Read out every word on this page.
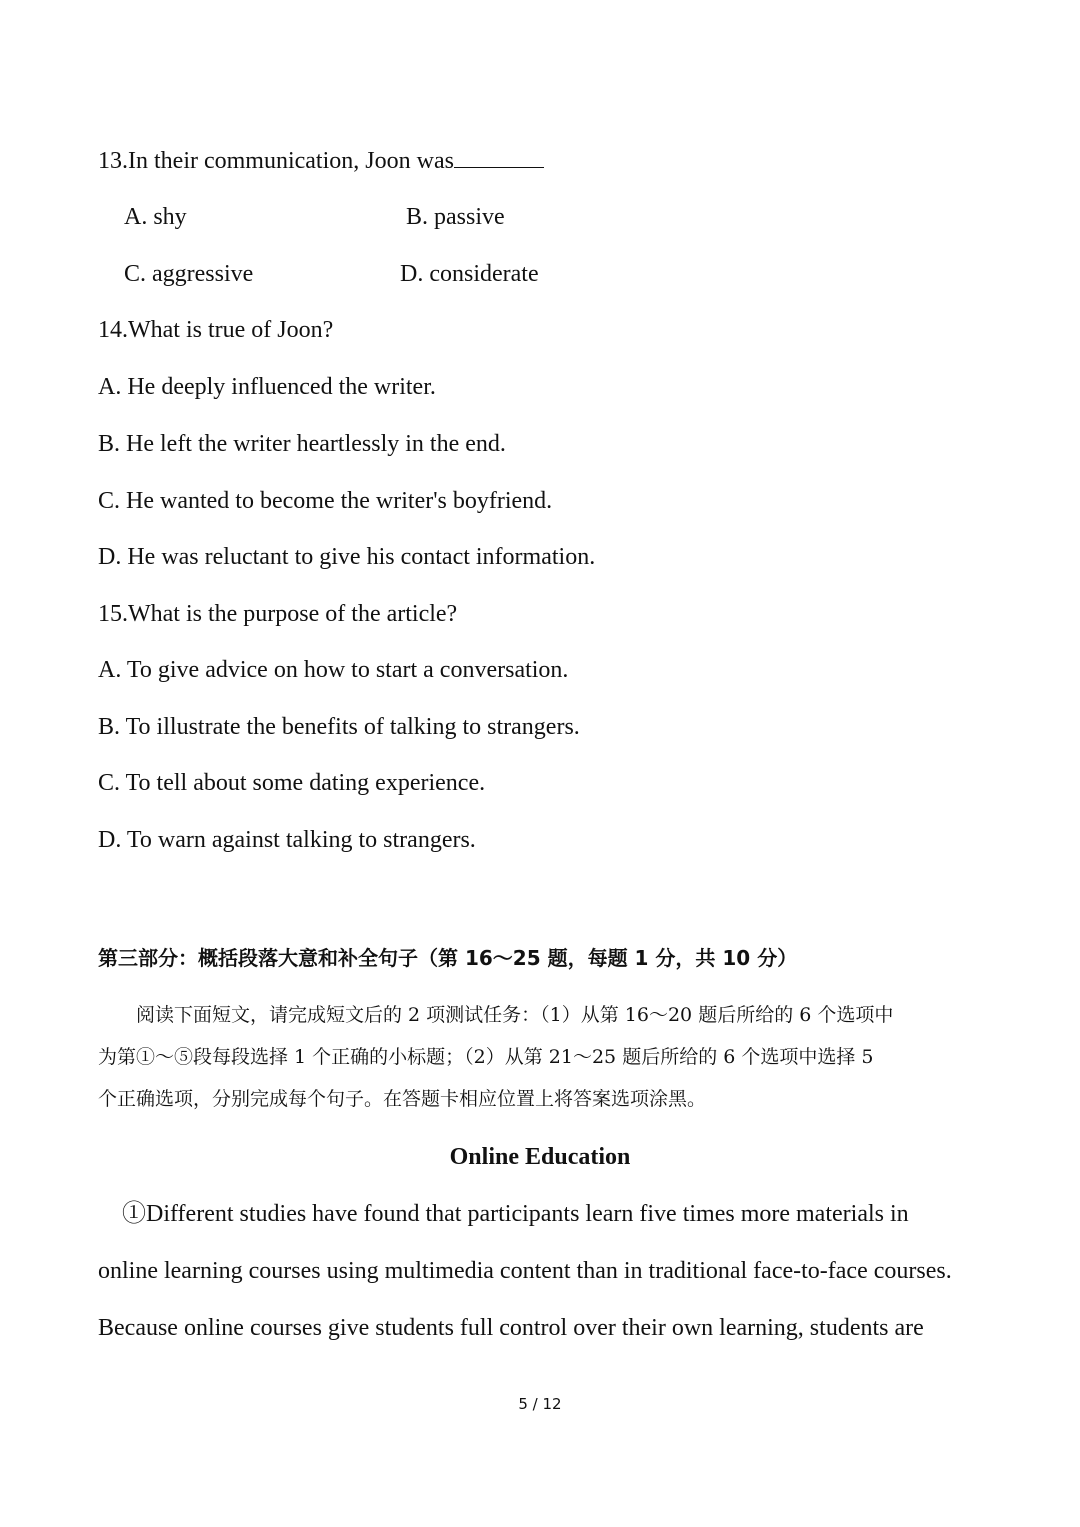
13.In their communication, Joon was
A. shy	B. passive
C. aggressive	D. considerate
14.What is true of Joon?
A. He deeply influenced the writer.
B. He left the writer heartlessly in the end.
C. He wanted to become the writer's boyfriend.
D. He was reluctant to give his contact information.
15.What is the purpose of the article?
A. To give advice on how to start a conversation.
B. To illustrate the benefits of talking to strangers.
C. To tell about some dating experience.
D. To warn against talking to strangers.
第三部分：概括段落大意和补全句子（第 16～25 题，每题 1 分，共 10 分）
　　阅读下面短文，请完成短文后的 2 项测试任务：（1）从第 16～20 题后所给的 6 个选项中
为第①～⑤段每段选择 1 个正确的小标题；（2）从第 21～25 题后所给的 6 个选项中选择 5
个正确选项，分别完成每个句子。在答题卡相应位置上将答案选项涂黑。
Online Education
　①Different studies have found that participants learn five times more materials in
online learning courses using multimedia content than in traditional face-to-face courses.
Because online courses give students full control over their own learning, students are
5 / 12
